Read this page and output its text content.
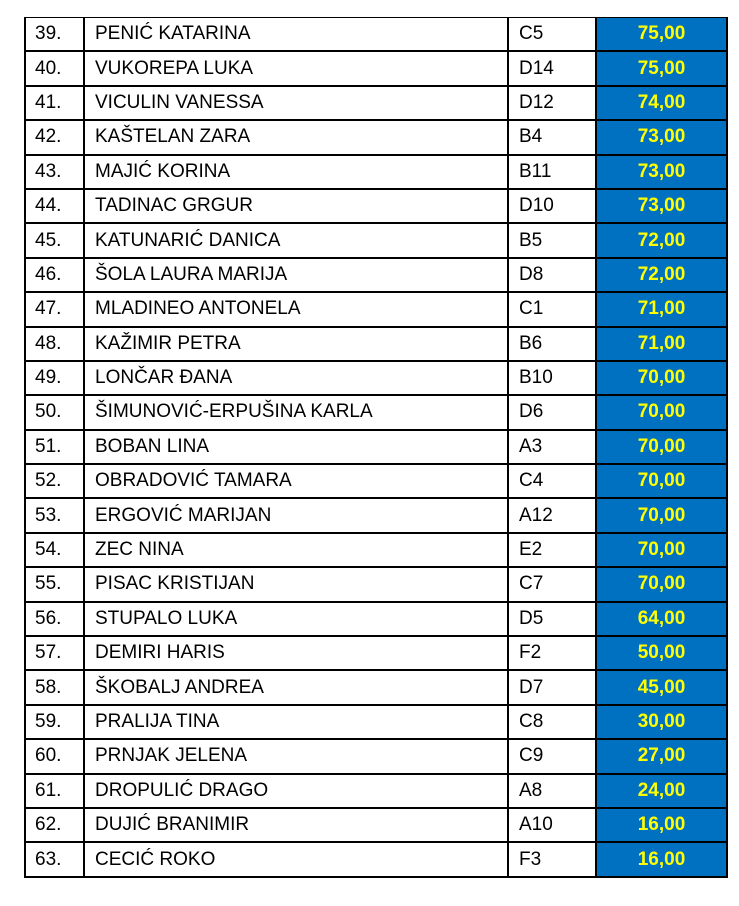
39.	PENIĆ KATARINA	C5	75,00
40.	VUKOREPA LUKA	D14	75,00
41.	VICULIN VANESSA	D12	74,00
42.	KAŠTELAN ZARA	B4	73,00
43.	MAJIĆ KORINA	B11	73,00
44.	TADINAC GRGUR	D10	73,00
45.	KATUNARIĆ DANICA	B5	72,00
46.	ŠOLA LAURA MARIJA	D8	72,00
47.	MLADINEO ANTONELA	C1	71,00
48.	KAŽIMIR PETRA	B6	71,00
49.	LONČAR ĐANA	B10	70,00
50.	ŠIMUNOVIĆ-ERPUŠINA KARLA	D6	70,00
51.	BOBAN LINA	A3	70,00
52.	OBRADOVIĆ TAMARA	C4	70,00
53.	ERGOVIĆ MARIJAN	A12	70,00
54.	ZEC NINA	E2	70,00
55.	PISAC KRISTIJAN	C7	70,00
56.	STUPALO LUKA	D5	64,00
57.	DEMIRI HARIS	F2	50,00
58.	ŠKOBALJ ANDREA	D7	45,00
59.	PRALIJA TINA	C8	30,00
60.	PRNJAK JELENA	C9	27,00
61.	DROPULIĆ DRAGO	A8	24,00
62.	DUJIĆ BRANIMIR	A10	16,00
63.	CECIĆ ROKO	F3	16,00
